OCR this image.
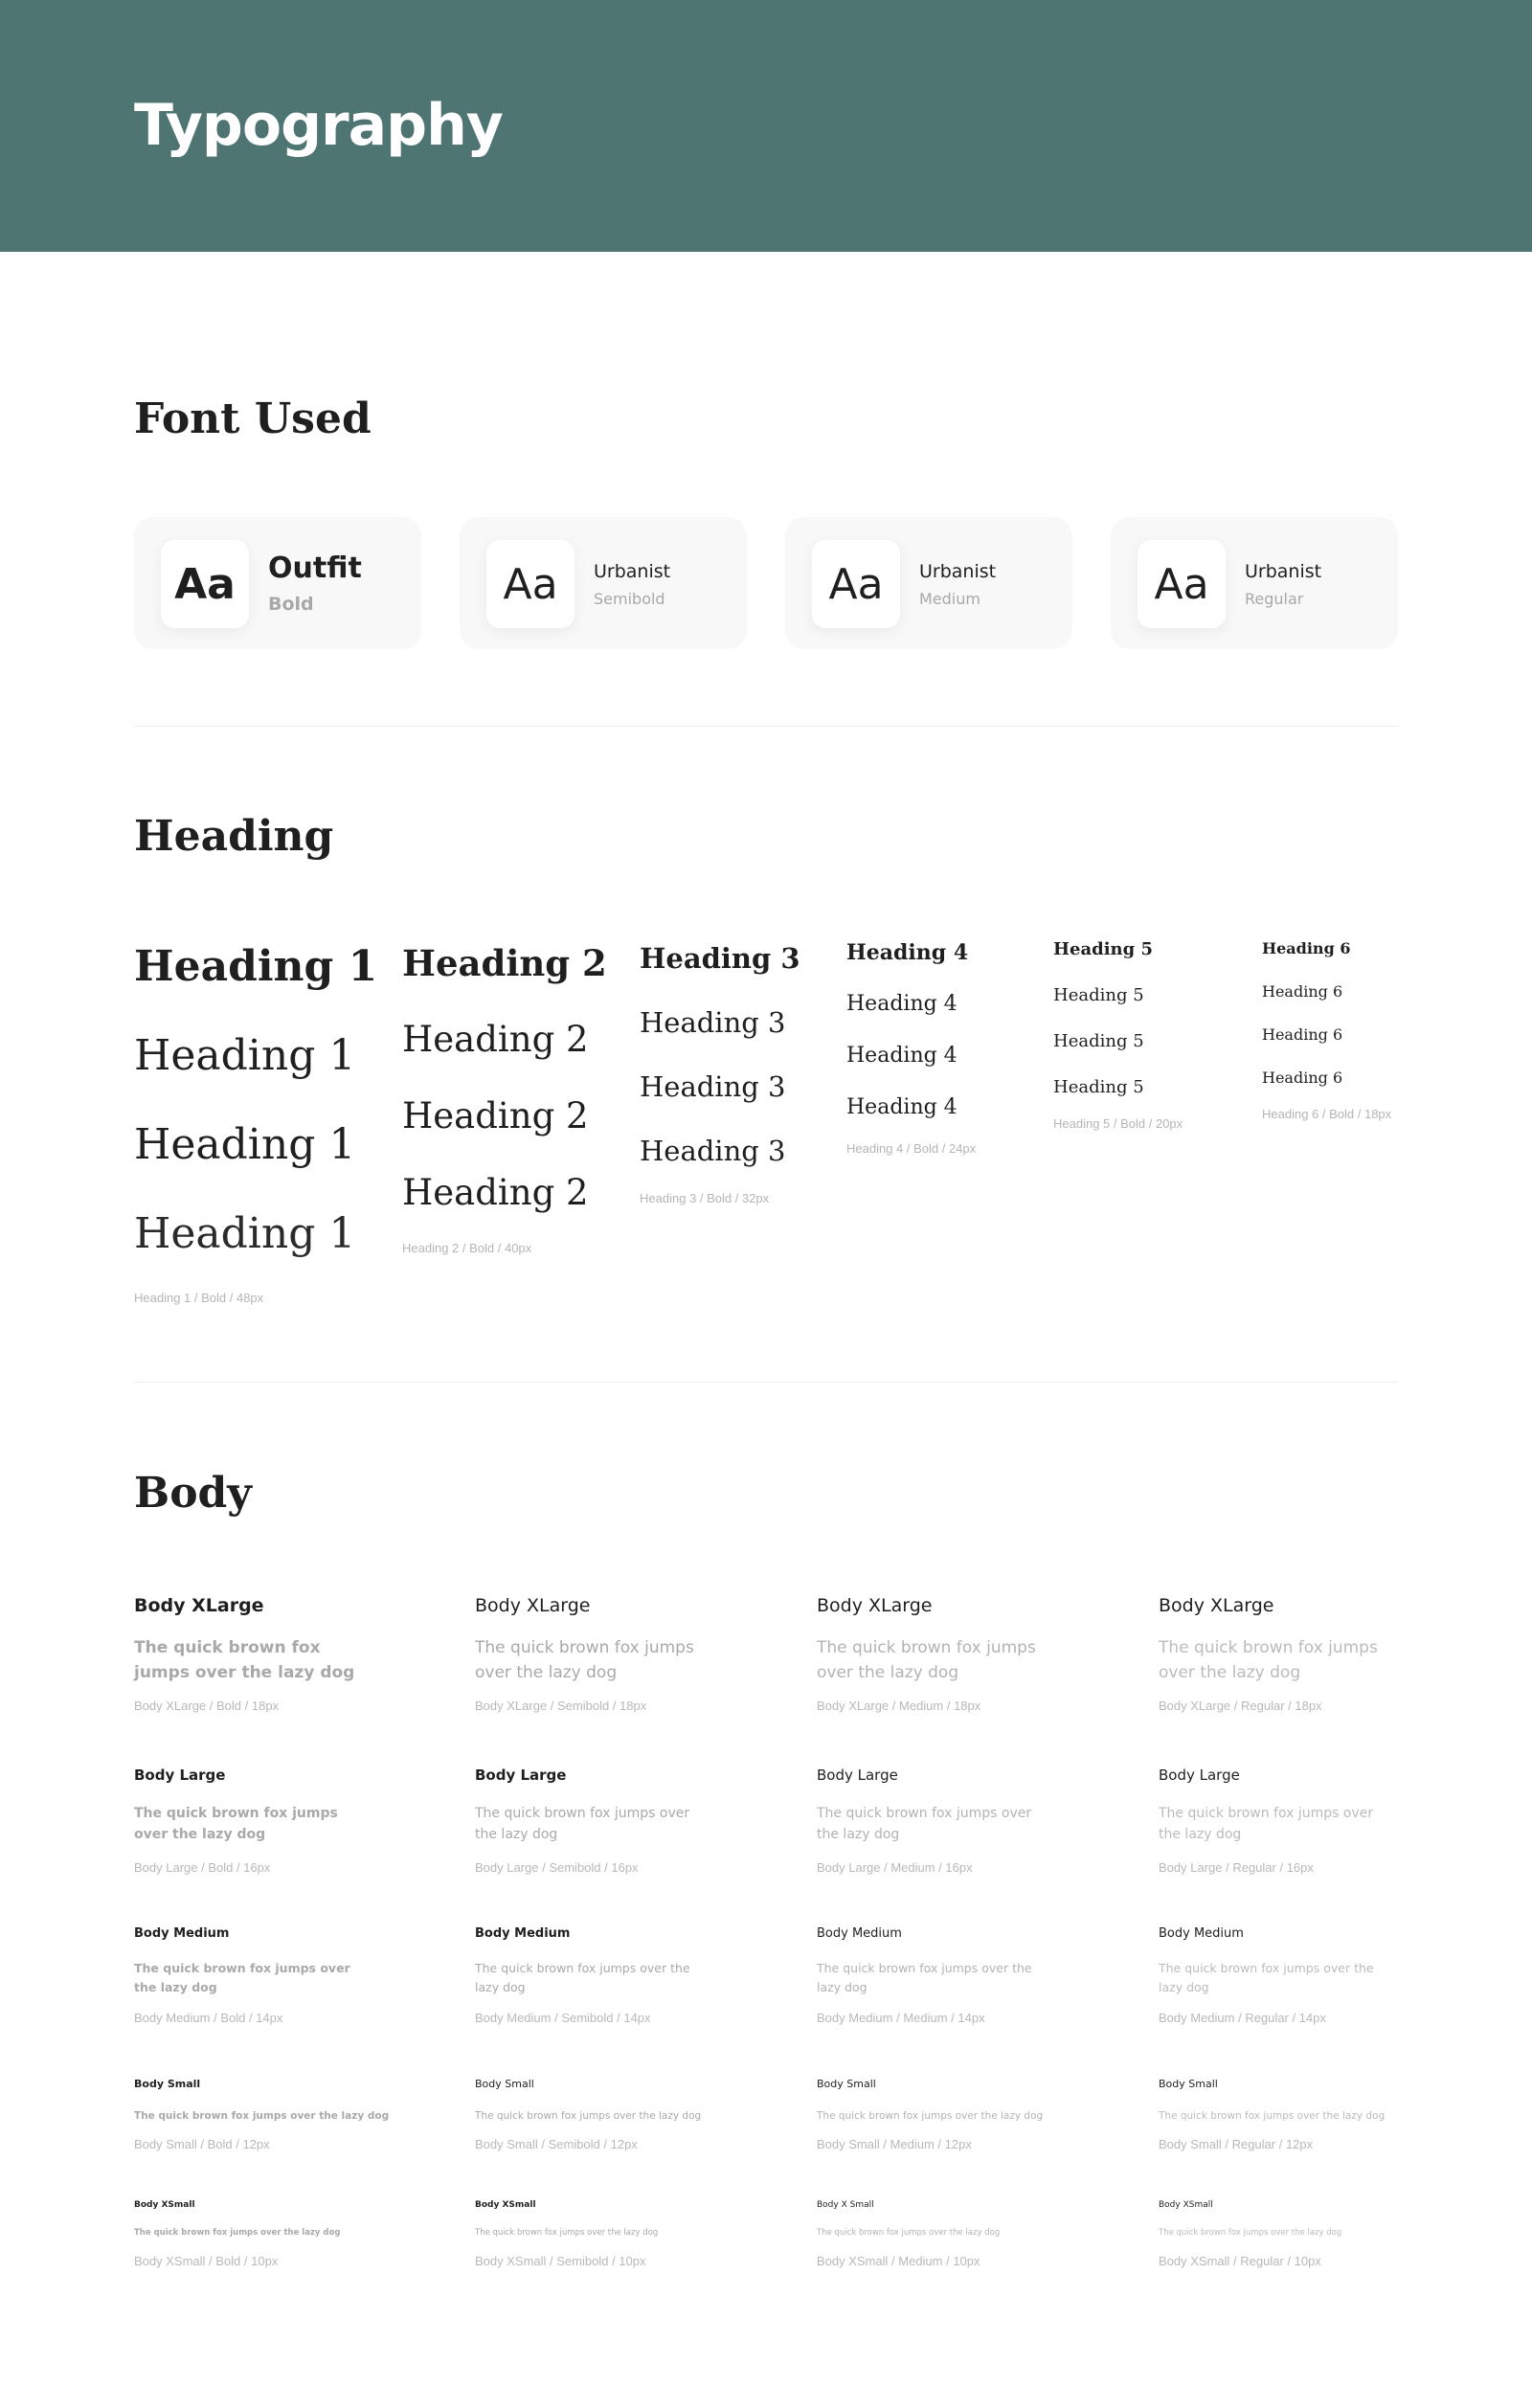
Typography
Font Used
Aa	Outfit
Bold	Aa	Urbanist
Semibold	Aa	Urbanist
Medium	Aa	Urbanist
Regular
Heading
Heading 1
Heading 1
Heading 1
Heading 1
Heading 1 / Bold / 48px
Heading 2
Heading 2
Heading 2
Heading 2
Heading 2 / Bold / 40px
Heading 3
Heading 3
Heading 3
Heading 3
Heading 3 / Bold / 32px
Heading 4
Heading 4
Heading 4
Heading 4
Heading 4 / Bold / 24px
Heading 5
Heading 5
Heading 5
Heading 5
Heading 5 / Bold / 20px
Heading 6
Heading 6
Heading 6
Heading 6
Heading 6 / Bold / 18px
Body
Body XLarge
The quick brown fox jumps over the lazy dog
Body XLarge / Bold / 18px
Body XLarge
The quick brown fox jumps over the lazy dog
Body XLarge / Semibold / 18px
Body XLarge
The quick brown fox jumps over the lazy dog
Body XLarge / Medium / 18px
Body XLarge
The quick brown fox jumps over the lazy dog
Body XLarge / Regular / 18px
Body Large
The quick brown fox jumps over the lazy dog
Body Large / Bold / 16px
Body Large
The quick brown fox jumps over the lazy dog
Body Large / Semibold / 16px
Body Large
The quick brown fox jumps over the lazy dog
Body Large / Medium / 16px
Body Large
The quick brown fox jumps over the lazy dog
Body Large / Regular / 16px
Body Medium
The quick brown fox jumps over the lazy dog
Body Medium / Bold / 14px
Body Medium
The quick brown fox jumps over the lazy dog
Body Medium / Semibold / 14px
Body Medium
The quick brown fox jumps over the lazy dog
Body Medium / Medium / 14px
Body Medium
The quick brown fox jumps over the lazy dog
Body Medium / Regular / 14px
Body Small
The quick brown fox jumps over the lazy dog
Body Small / Bold / 12px
Body Small
The quick brown fox jumps over the lazy dog
Body Small / Semibold / 12px
Body Small
The quick brown fox jumps over the lazy dog
Body Small / Medium / 12px
Body Small
The quick brown fox jumps over the lazy dog
Body Small / Regular / 12px
Body XSmall
The quick brown fox jumps over the lazy dog
Body XSmall / Bold / 10px
Body XSmall
The quick brown fox jumps over the lazy dog
Body XSmall / Semibold / 10px
Body X Small
The quick brown fox jumps over the lazy dog
Body XSmall / Medium / 10px
Body XSmall
The quick brown fox jumps over the lazy dog
Body XSmall / Regular / 10px
